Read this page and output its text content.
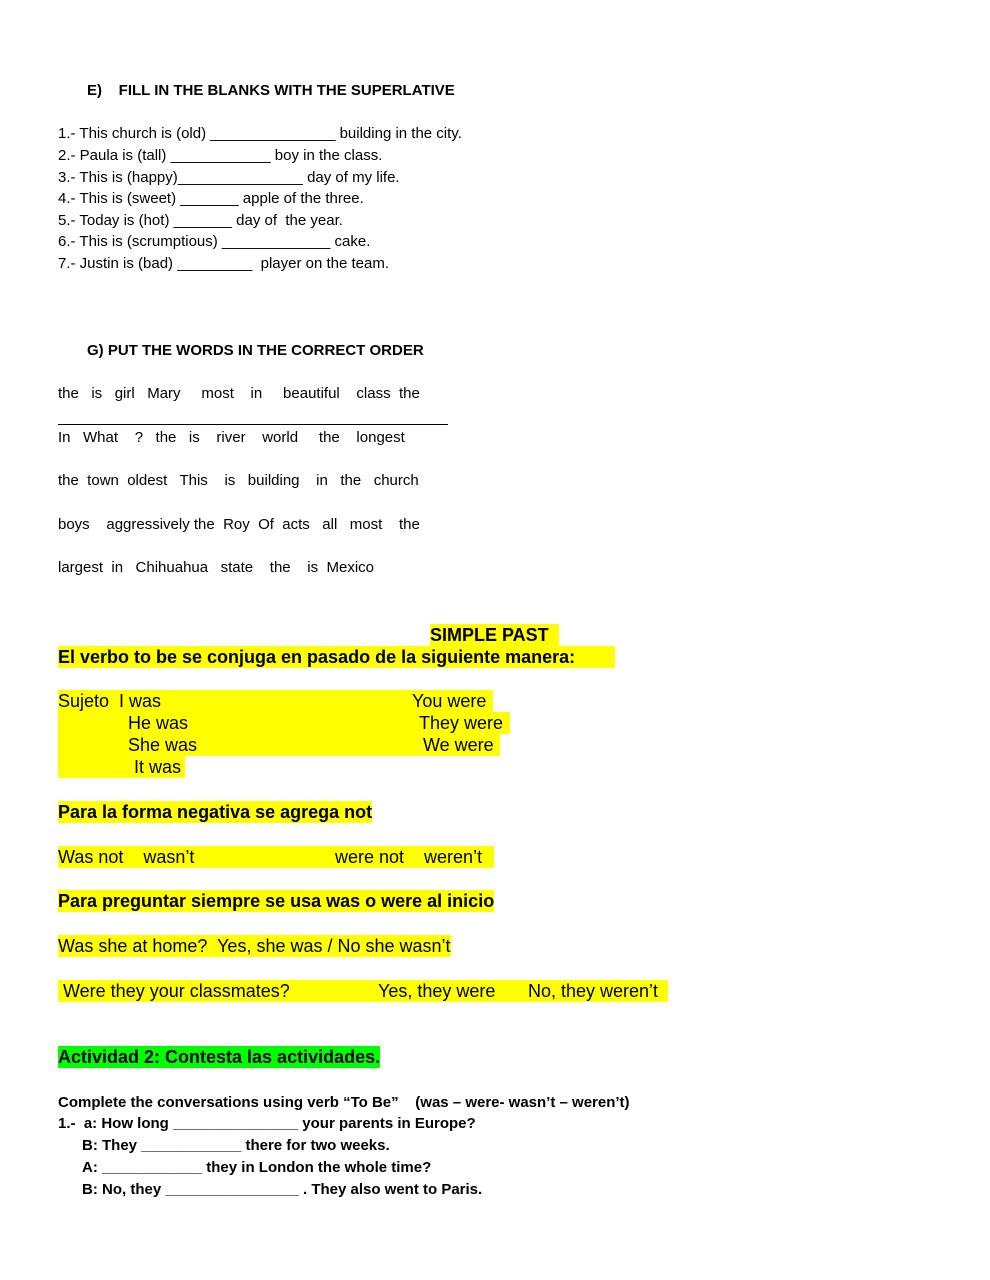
E)    FILL IN THE BLANKS WITH THE SUPERLATIVE
1.- This church is (old) _______________ building in the city.
2.- Paula is (tall) ____________ boy in the class.
3.- This is (happy)_______________ day of my life.
4.- This is (sweet) _______ apple of the three.
5.- Today is (hot) _______ day of  the year.
6.- This is (scrumptious) _____________ cake.
7.- Justin is (bad) _________  player on the team.
G) PUT THE WORDS IN THE CORRECT ORDER
the   is   girl   Mary     most    in     beautiful    class  the
In   What    ?   the   is    river    world     the    longest
the  town  oldest   This    is   building    in   the   church
boys    aggressively the  Roy  Of  acts   all   most    the
largest  in   Chihuahua   state    the    is  Mexico
SIMPLE PAST
El verbo to be se conjuga en pasado de la siguiente manera:
Sujeto  I was	You were
He was	They were
She was	We were
It was
Para la forma negativa se agrega not
Was not    wasn’t	were not    weren’t
Para preguntar siempre se usa was o were al inicio
Was she at home?  Yes, she was / No she wasn’t
Were they your classmates?	Yes, they were No, they weren’t
Actividad 2: Contesta las actividades.
Complete the conversations using verb “To Be”    (was – were- wasn’t – weren’t)
1.-  a: How long _______________ your parents in Europe?
B: They ____________ there for two weeks.
A: ____________ they in London the whole time?
B: No, they ________________ . They also went to Paris.
